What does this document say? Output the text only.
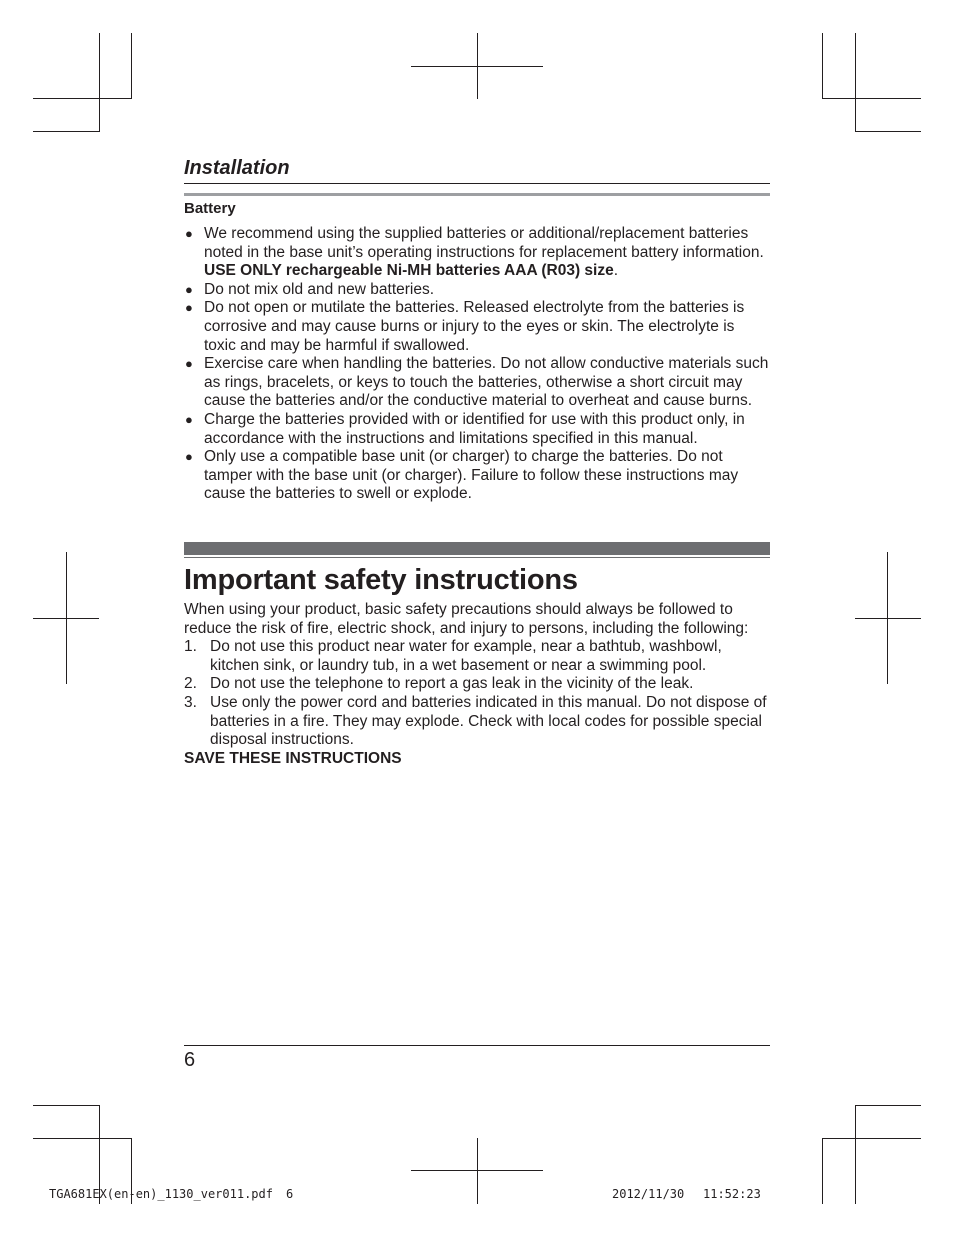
Installation

Battery

● We recommend using the supplied batteries or additional/replacement batteries noted in the base unit’s operating instructions for replacement battery information. USE ONLY rechargeable Ni-MH batteries AAA (R03) size.
● Do not mix old and new batteries.
● Do not open or mutilate the batteries. Released electrolyte from the batteries is corrosive and may cause burns or injury to the eyes or skin. The electrolyte is toxic and may be harmful if swallowed.
● Exercise care when handling the batteries. Do not allow conductive materials such as rings, bracelets, or keys to touch the batteries, otherwise a short circuit may cause the batteries and/or the conductive material to overheat and cause burns.
● Charge the batteries provided with or identified for use with this product only, in accordance with the instructions and limitations specified in this manual.
● Only use a compatible base unit (or charger) to charge the batteries. Do not tamper with the base unit (or charger). Failure to follow these instructions may cause the batteries to swell or explode.
Important safety instructions

When using your product, basic safety precautions should always be followed to reduce the risk of fire, electric shock, and injury to persons, including the following:

1. Do not use this product near water for example, near a bathtub, washbowl, kitchen sink, or laundry tub, in a wet basement or near a swimming pool.
2. Do not use the telephone to report a gas leak in the vicinity of the leak.
3. Use only the power cord and batteries indicated in this manual. Do not dispose of batteries in a fire. They may explode. Check with local codes for possible special disposal instructions.

SAVE THESE INSTRUCTIONS

6
TGA681EX(en-en)_1130_ver011.pdf 6	2012/11/30 11:52:23
